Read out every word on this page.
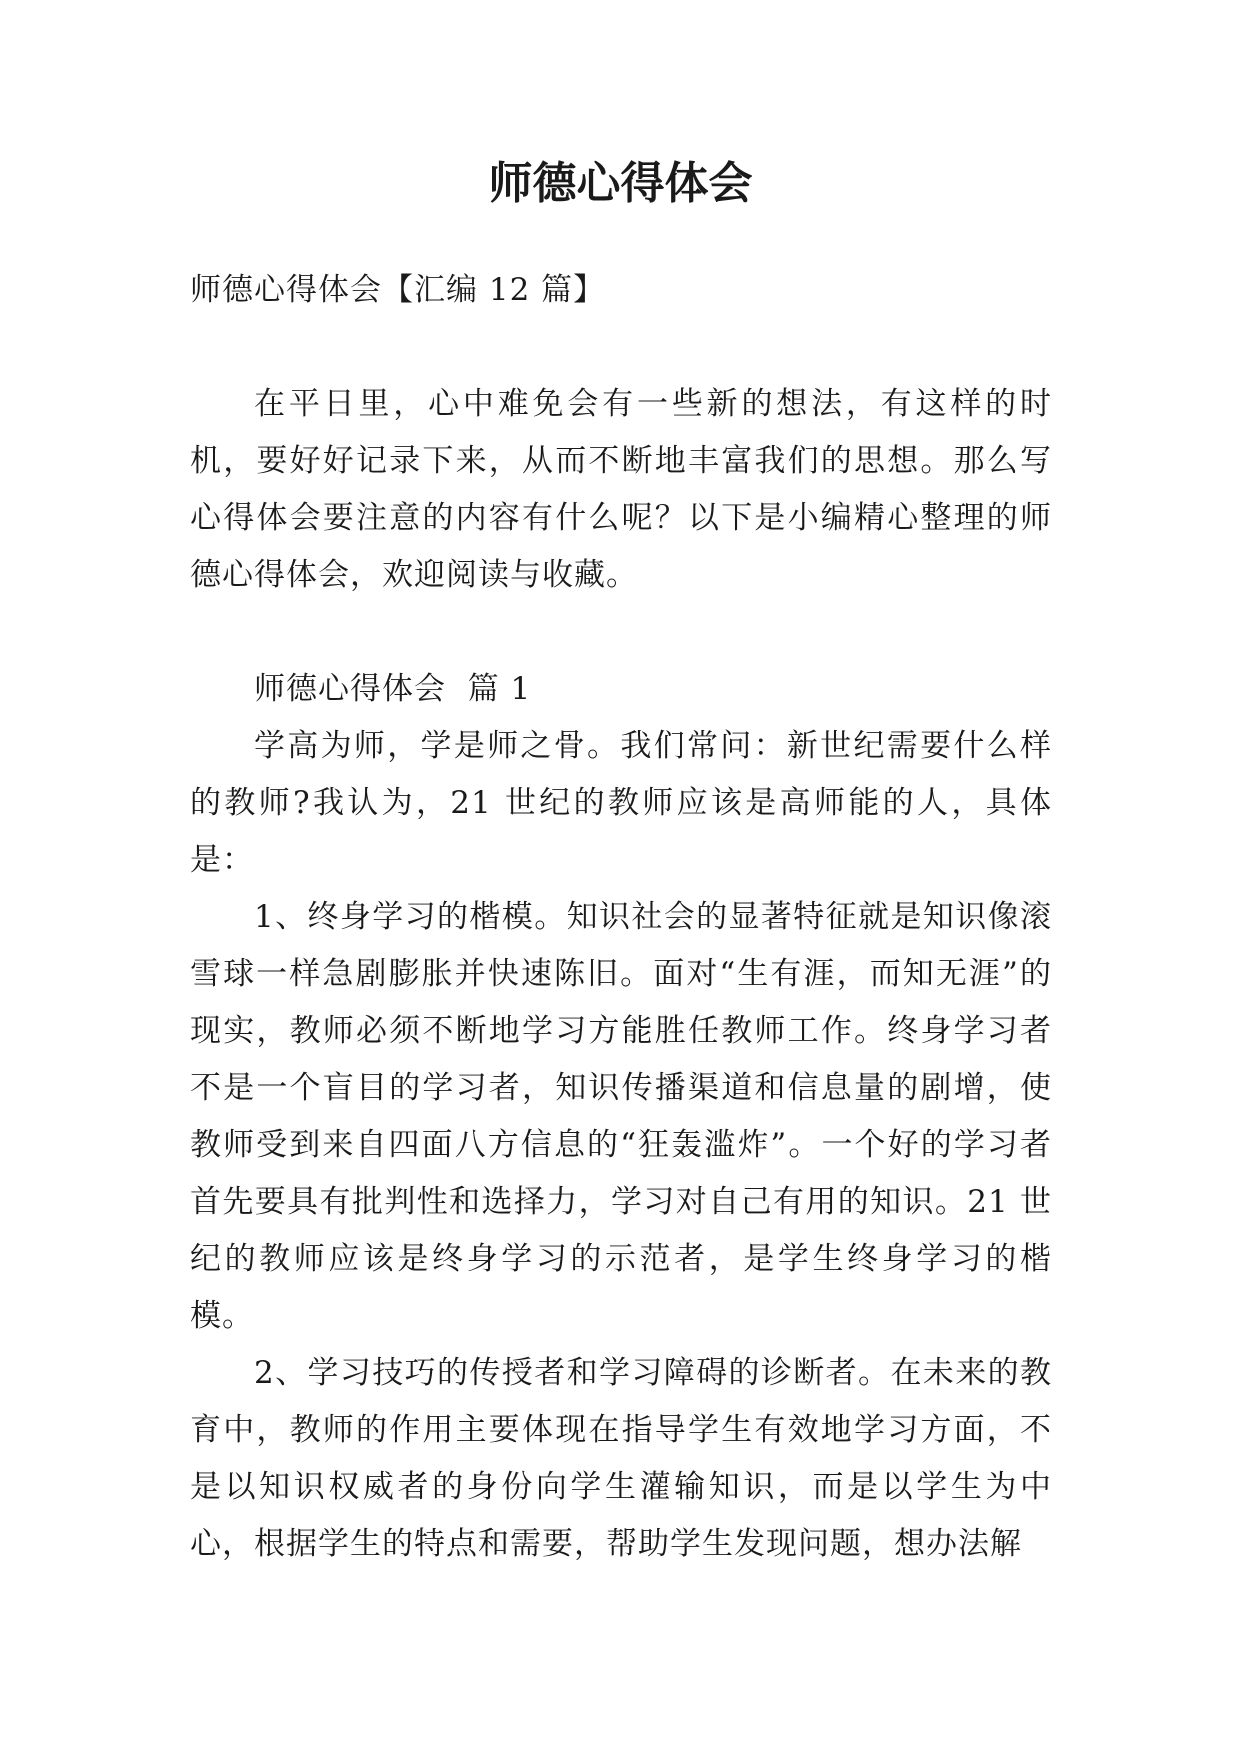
师德心得体会

师德心得体会【汇编 12 篇】

在平日里，心中难免会有一些新的想法，有这样的时机，要好好记录下来，从而不断地丰富我们的思想。那么写心得体会要注意的内容有什么呢？以下是小编精心整理的师德心得体会，欢迎阅读与收藏。

师德心得体会  篇 1

学高为师，学是师之骨。我们常问：新世纪需要什么样的教师?我认为，21 世纪的教师应该是高师能的人，具体是：

1、终身学习的楷模。知识社会的显著特征就是知识像滚雪球一样急剧膨胀并快速陈旧。面对“生有涯，而知无涯”的现实，教师必须不断地学习方能胜任教师工作。终身学习者不是一个盲目的学习者，知识传播渠道和信息量的剧增，使教师受到来自四面八方信息的“狂轰滥炸”。一个好的学习者首先要具有批判性和选择力，学习对自己有用的知识。21 世纪的教师应该是终身学习的示范者，是学生终身学习的楷模。

2、学习技巧的传授者和学习障碍的诊断者。在未来的教育中，教师的作用主要体现在指导学生有效地学习方面，不是以知识权威者的身份向学生灌输知识，而是以学生为中心，根据学生的特点和需要，帮助学生发现问题，想办法解
